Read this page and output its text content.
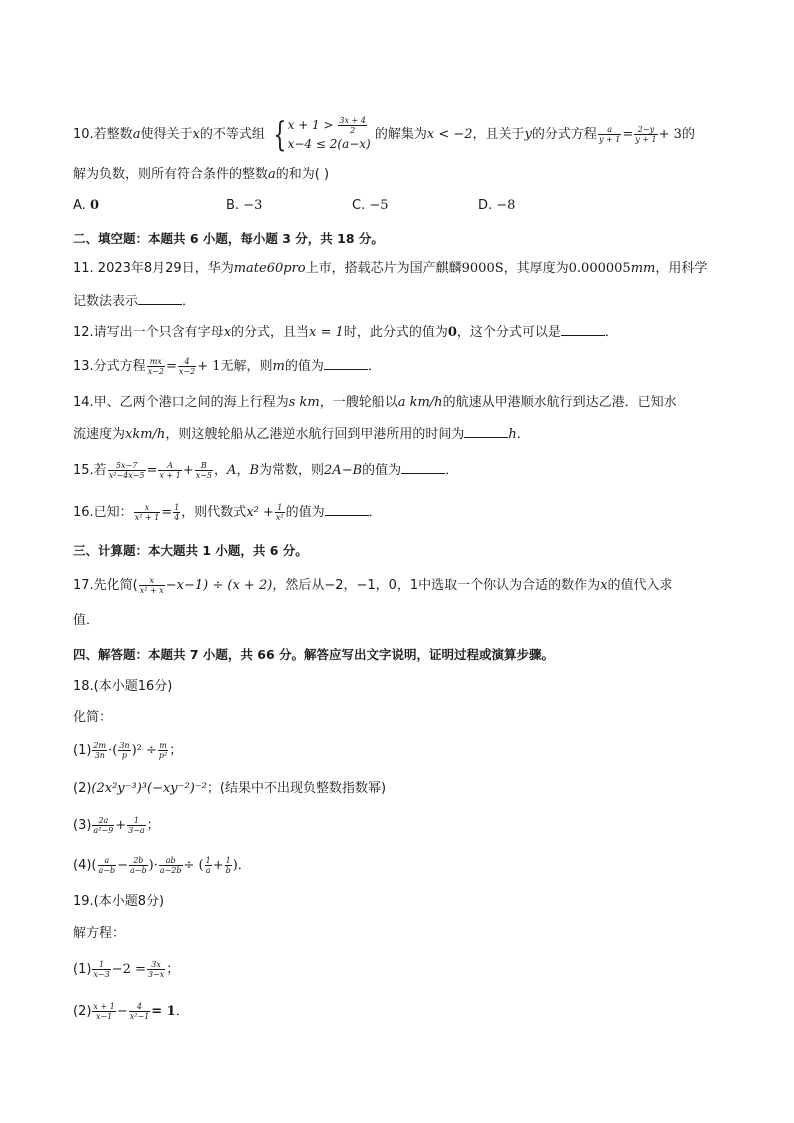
10.若整数a使得关于x的不等式组 { $x + 1 > \frac{3x + 4}{2}$
x−4 ≤ 2(a−x)
的解集为x < −2，且关于y的分式方程 $\frac{a}{y + 1} = \frac{2-y}{y + 1} + 3$的
解为负数，则所有符合条件的整数a的和为( )
A. 0	B. −3	C. −5	D. −8
二、填空题：本题共 6 小题，每小题 3 分，共 18 分。
11. 2023年8月29日，华为mate60pro上市，搭载芯片为国产麒麟9000S，其厚度为0.000005mm，用科学
记数法表示	．
12.请写出一个只含有字母x的分式，且当x = 1时，此分式的值为0，这个分式可以是	．
13.分式方程 $\frac{mx}{x-2} = \frac{4}{x-2} + 1$无解，则m的值为	．
14.甲、乙两个港口之间的海上行程为s km，一艘轮船以a km/h的航速从甲港顺水航行到达乙港．已知水
流速度为xkm/h，则这艘轮船从乙港逆水航行回到甲港所用的时间为	h.
15.若 $\frac{5x-7}{\text{x²−4x−5}} = \frac{A}{x + 1} + \frac{B}{x-5}$ ，A，B为常数，则2A−B的值为	．
16.已知： $\frac{x}{\text{x² + 1}} = \frac{1}{4}$ ，则代数式$x^2 + \frac{1}{\text{x²}}$ 的值为	．
三、计算题：本大题共 1 小题，共 6 分。
17.先化简( $\frac{x}{\text{x² + x}} -x-1) \div (x + 2)$，然后从−2，−1，0，1中选取一个你认为合适的数作为x的值代入求
值．
四、解答题：本题共 7 小题，共 66 分。解答应写出文字说明，证明过程或演算步骤。
18.(本小题16分)
化简：
$(1) \frac{2m}{3n}$ ·( $\frac{3n}{p} )^2 \div \frac{m}{\text{p²}}$ ；
(2)(2x²y⁻³)³(−xy⁻²)⁻²；(结果中不出现负整数指数幂)
$(3) \frac{2a}{\text{a²−9}} + \frac{1}{3-a}$ ；
$(4)( \frac{a}{a-b} - \frac{2b}{a-b}$ )· $\frac{ab}{a-2b}$ ÷ ( $\frac{1}{a} + \frac{1}{b}$ )．
19.(本小题8分)
解方程：
$(1) \frac{1}{x-3} -2 = \frac{3x}{3-x}$ ；
$(2) \frac{x + 1}{x-1} - \frac{4}{\text{x²−1}} = 1$．
